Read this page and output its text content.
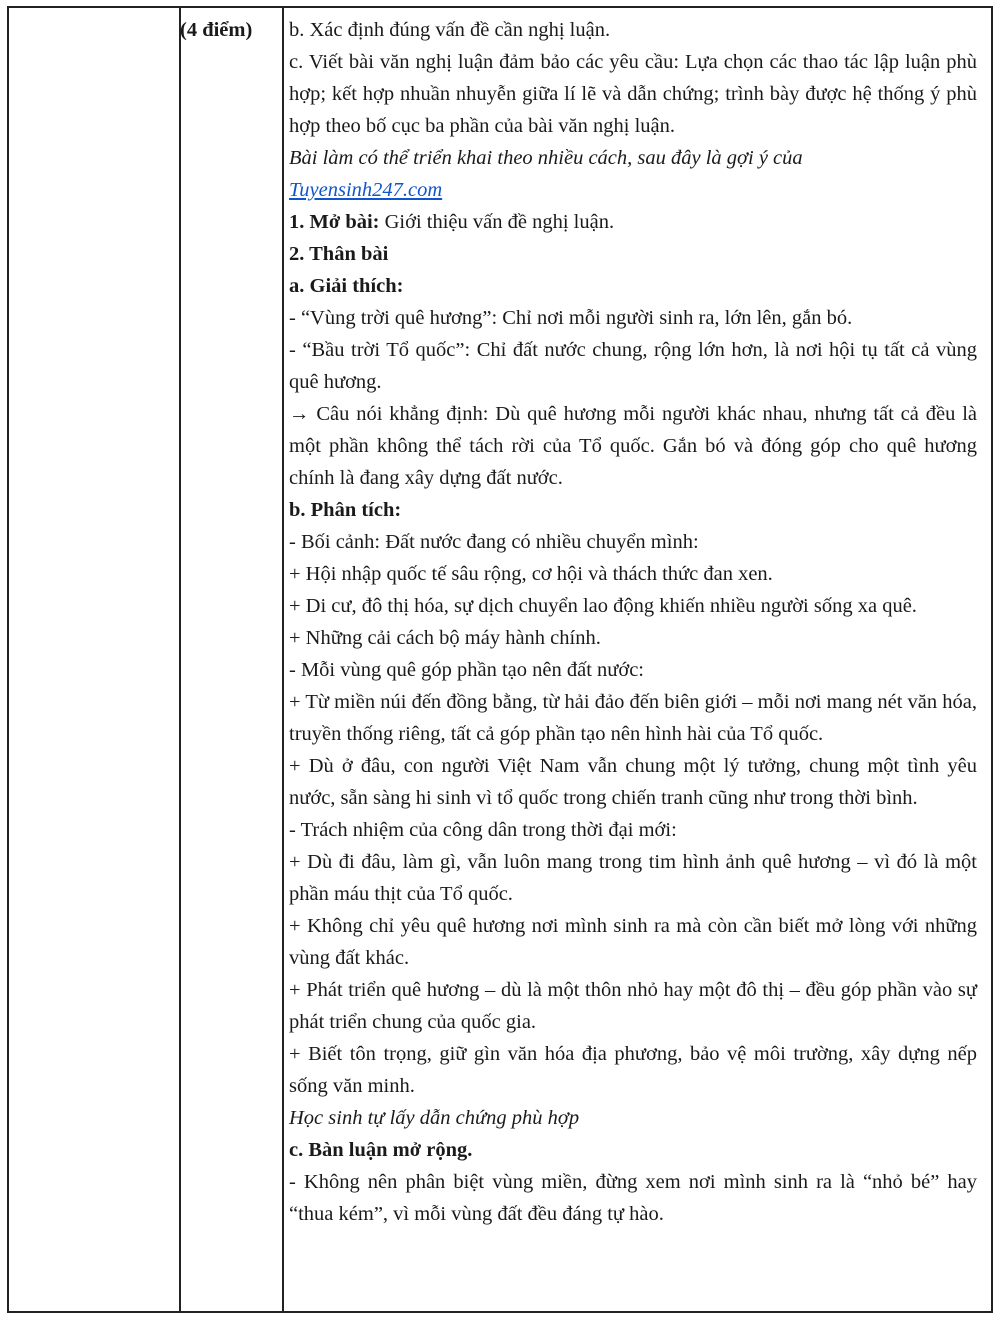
(4 điểm) b. Xác định đúng vấn đề cần nghị luận.

c. Viết bài văn nghị luận đảm bảo các yêu cầu: Lựa chọn các thao tác lập luận phù hợp; kết hợp nhuần nhuyễn giữa lí lẽ và dẫn chứng; trình bày được hệ thống ý phù hợp theo bố cục ba phần của bài văn nghị luận.

Bài làm có thể triển khai theo nhiều cách, sau đây là gợi ý của
Tuyensinh247.com

1. Mở bài: Giới thiệu vấn đề nghị luận.

2. Thân bài

a. Giải thích:

- “Vùng trời quê hương”: Chỉ nơi mỗi người sinh ra, lớn lên, gắn bó.

- “Bầu trời Tổ quốc”: Chỉ đất nước chung, rộng lớn hơn, là nơi hội tụ tất cả vùng quê hương.

→ Câu nói khẳng định: Dù quê hương mỗi người khác nhau, nhưng tất cả đều là một phần không thể tách rời của Tổ quốc. Gắn bó và đóng góp cho quê hương chính là đang xây dựng đất nước.

b. Phân tích:

- Bối cảnh: Đất nước đang có nhiều chuyển mình:

+ Hội nhập quốc tế sâu rộng, cơ hội và thách thức đan xen.

+ Di cư, đô thị hóa, sự dịch chuyển lao động khiến nhiều người sống xa quê.

+ Những cải cách bộ máy hành chính.

- Mỗi vùng quê góp phần tạo nên đất nước:

+ Từ miền núi đến đồng bằng, từ hải đảo đến biên giới – mỗi nơi mang nét văn hóa, truyền thống riêng, tất cả góp phần tạo nên hình hài của Tổ quốc.

+ Dù ở đâu, con người Việt Nam vẫn chung một lý tưởng, chung một tình yêu nước, sẵn sàng hi sinh vì tổ quốc trong chiến tranh cũng như trong thời bình.

- Trách nhiệm của công dân trong thời đại mới:

+ Dù đi đâu, làm gì, vẫn luôn mang trong tim hình ảnh quê hương – vì đó là một phần máu thịt của Tổ quốc.

+ Không chỉ yêu quê hương nơi mình sinh ra mà còn cần biết mở lòng với những vùng đất khác.

+ Phát triển quê hương – dù là một thôn nhỏ hay một đô thị – đều góp phần vào sự phát triển chung của quốc gia.

+ Biết tôn trọng, giữ gìn văn hóa địa phương, bảo vệ môi trường, xây dựng nếp sống văn minh.

Học sinh tự lấy dẫn chứng phù hợp

c. Bàn luận mở rộng.

- Không nên phân biệt vùng miền, đừng xem nơi mình sinh ra là “nhỏ bé” hay “thua kém”, vì mỗi vùng đất đều đáng tự hào.
